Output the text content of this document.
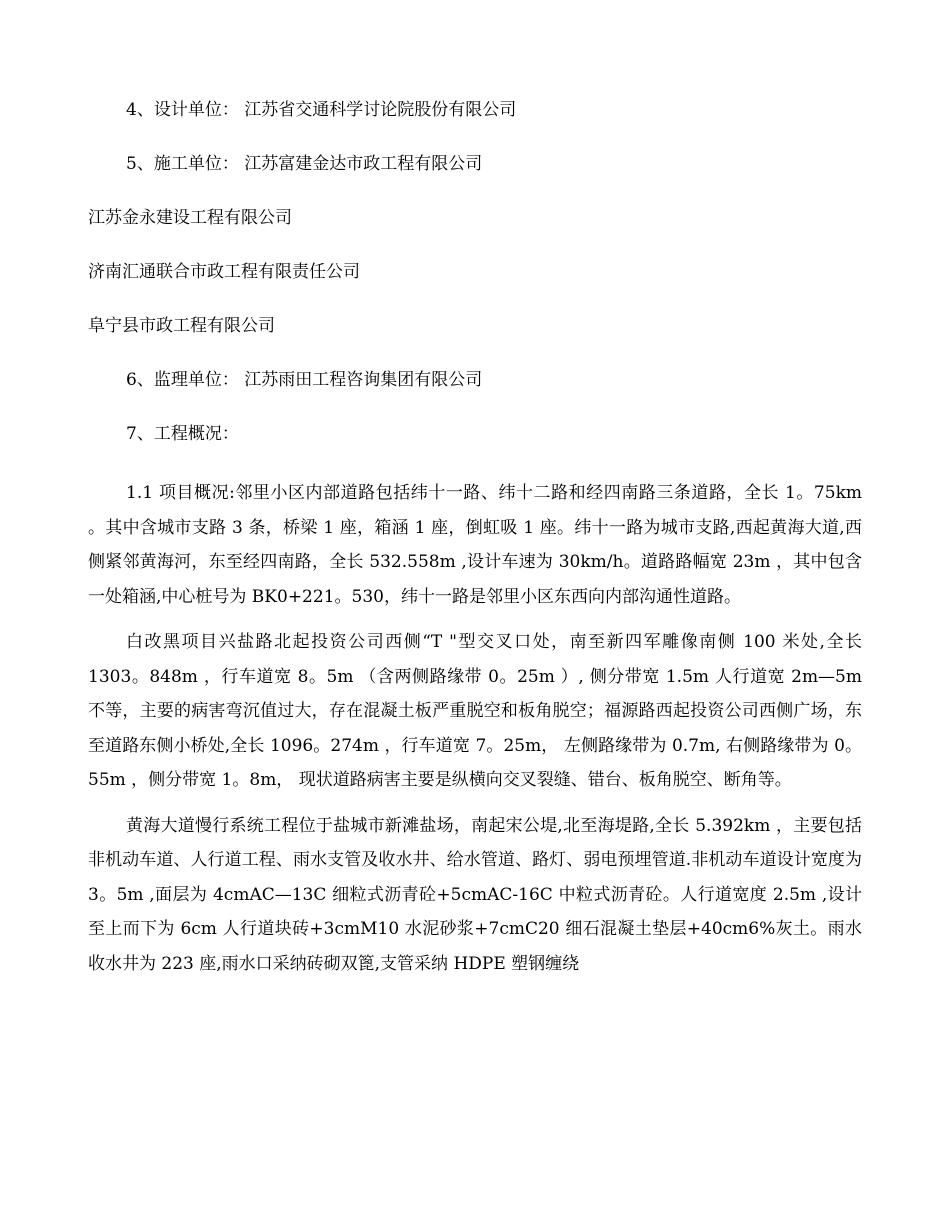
4、设计单位： 江苏省交通科学讨论院股份有限公司

5、施工单位： 江苏富建金达市政工程有限公司

江苏金永建设工程有限公司

济南汇通联合市政工程有限责任公司

阜宁县市政工程有限公司

6、监理单位： 江苏雨田工程咨询集团有限公司

7、工程概况：

1.1 项目概况:邻里小区内部道路包括纬十一路、纬十二路和经四南路三条道路，全长 1。75km 。其中含城市支路 3 条，桥梁 1 座，箱涵 1 座，倒虹吸 1 座。纬十一路为城市支路,西起黄海大道,西侧紧邻黄海河，东至经四南路，全长 532.558m ,设计车速为 30km/h。道路路幅宽 23m ，其中包含一处箱涵,中心桩号为 BK0+221。530，纬十一路是邻里小区东西向内部沟通性道路。

白改黑项目兴盐路北起投资公司西侧“T "型交叉口处，南至新四军雕像南侧 100 米处,全长 1303。848m ，行车道宽 8。5m （含两侧路缘带 0。25m ）, 侧分带宽 1.5m 人行道宽 2m—5m 不等，主要的病害弯沉值过大，存在混凝土板严重脱空和板角脱空；福源路西起投资公司西侧广场，东至道路东侧小桥处,全长 1096。274m ，行车道宽 7。25m， 左侧路缘带为 0.7m, 右侧路缘带为 0。55m ，侧分带宽 1。8m， 现状道路病害主要是纵横向交叉裂缝、错台、板角脱空、断角等。

黄海大道慢行系统工程位于盐城市新滩盐场，南起宋公堤,北至海堤路,全长 5.392km ，主要包括非机动车道、人行道工程、雨水支管及收水井、给水管道、路灯、弱电预埋管道.非机动车道设计宽度为 3。5m ,面层为 4cmAC—13C 细粒式沥青砼+5cmAC-16C 中粒式沥青砼。人行道宽度 2.5m ,设计至上而下为 6cm 人行道块砖+3cmM10 水泥砂浆+7cmC20 细石混凝土垫层+40cm6%灰土。雨水收水井为 223 座,雨水口采纳砖砌双篦,支管采纳 HDPE 塑钢缠绕
